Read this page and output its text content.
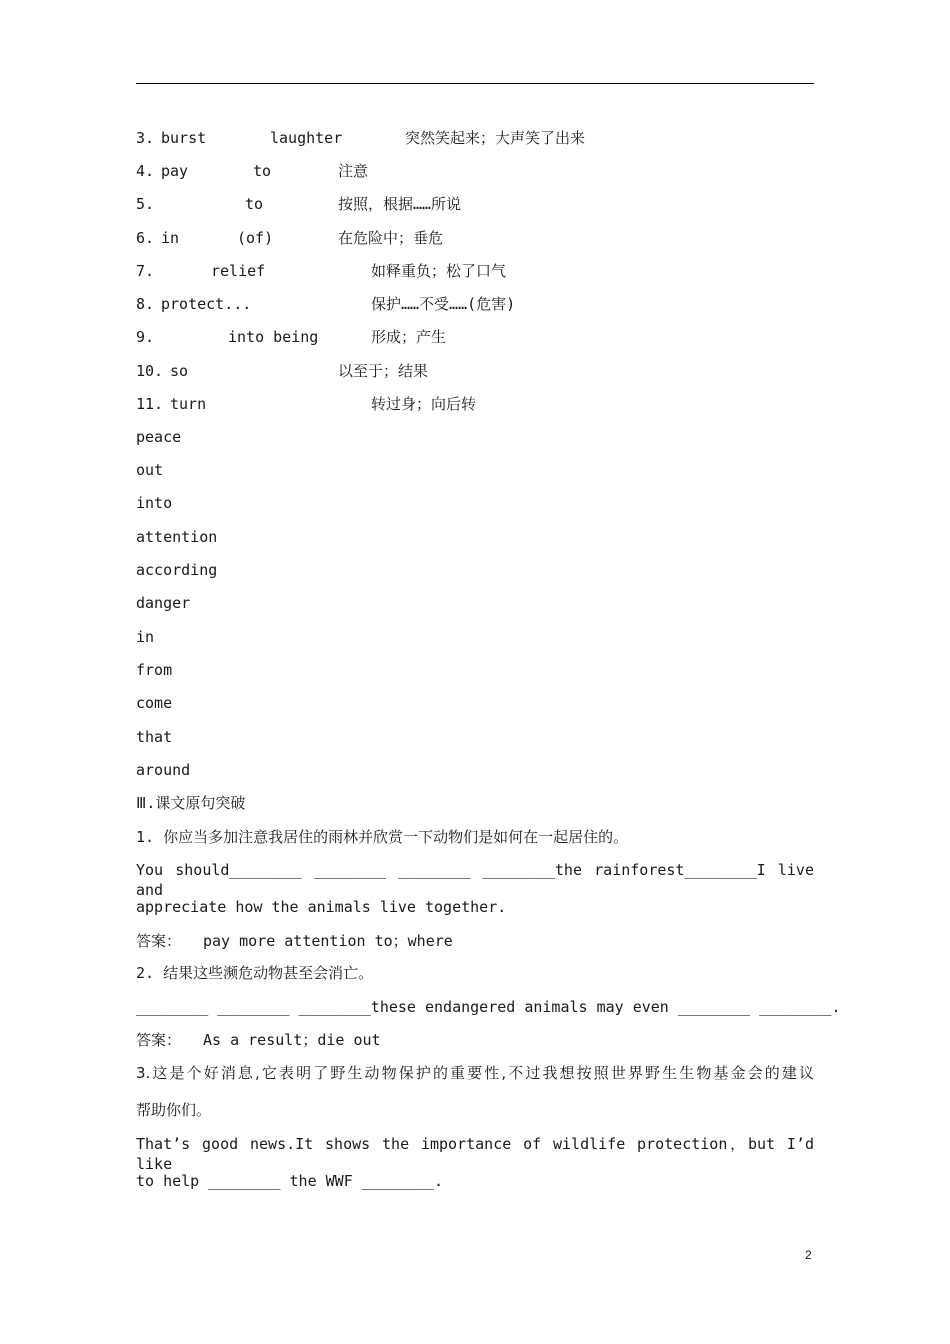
3. burst	laughter	突然笑起来；大声笑了出来
4. pay	to	注意
5.	to	按照，根据……所说
6. in	(of)	在危险中；垂危
7.	relief	如释重负；松了口气
8. protect...	保护……不受……(危害)
9.	into being	形成；产生
10. so	以至于；结果
11. turn	转过身；向后转
peace
out
into
attention
according
danger
in
from
come
that
around
Ⅲ.课文原句突破
1. 你应当多加注意我居住的雨林并欣赏一下动物们是如何在一起居住的。
You should________ ________ ________ ________the rainforest________I live and
appreciate how the animals live together.
答案： pay more attention to；where
2. 结果这些濒危动物甚至会消亡。
________ ________ ________these endangered animals may even ________ ________.
答案： As a result；die out
3.这是个好消息,它表明了野生动物保护的重要性,不过我想按照世界野生生物基金会的建议
帮助你们。
That’s good news.It shows the importance of wildlife protection，but I’d like
to help ________ the WWF ________.
2
